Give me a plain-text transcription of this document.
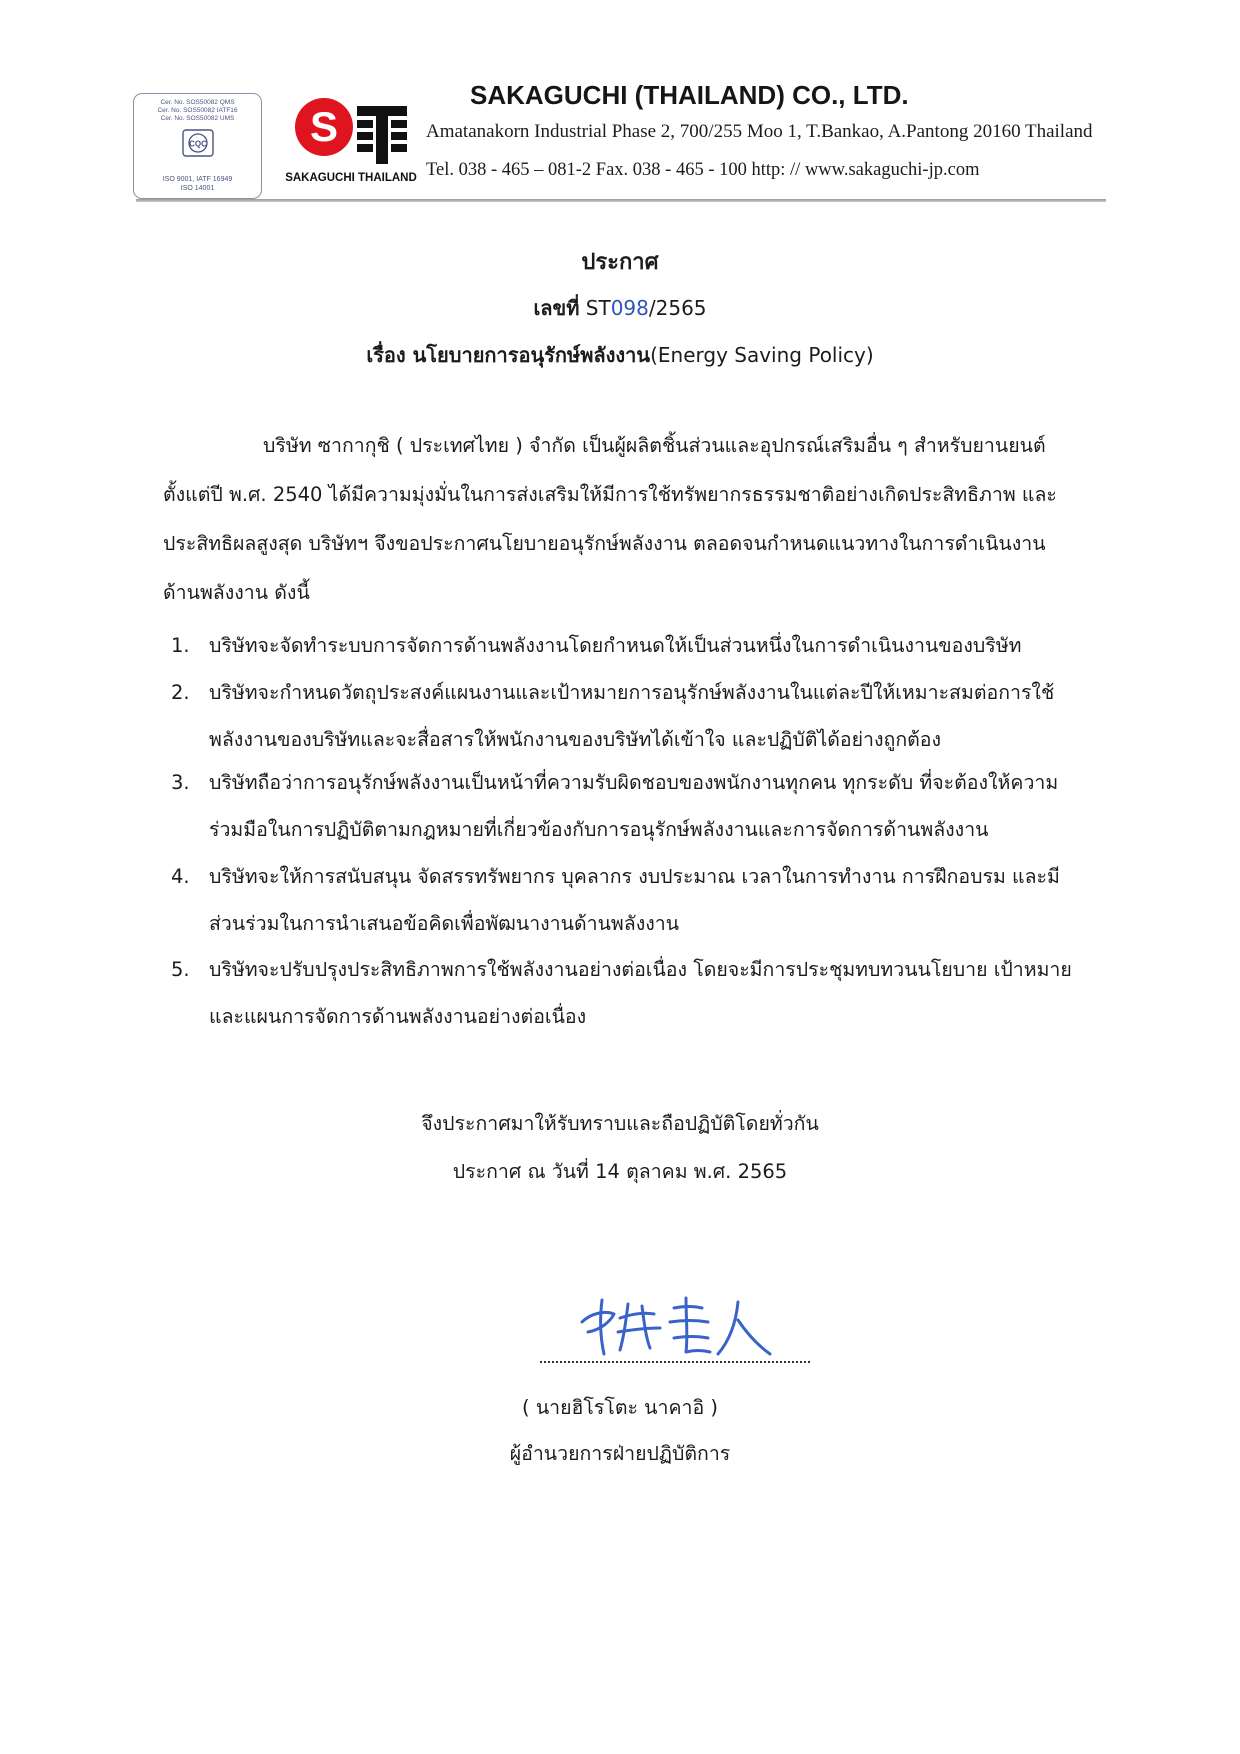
Cer. No. SOS50082 QMS
Cer. No. SOS50082 IATF16
Cer. No. SOS50082 UMS
CQC
ISO 9001, IATF 16949
ISO 14001
S
SAKAGUCHI THAILAND
SAKAGUCHI (THAILAND) CO., LTD.
Amatanakorn Industrial Phase 2, 700/255 Moo 1, T.Bankao, A.Pantong 20160 Thailand
Tel. 038 - 465 – 081-2 Fax. 038 - 465 - 100 http: // www.sakaguchi-jp.com
ประกาศ
เลขที่ ST098/2565
เรื่อง นโยบายการอนุรักษ์พลังงาน(Energy Saving Policy)
บริษัท ซากากุชิ ( ประเทศไทย ) จำกัด เป็นผู้ผลิตชิ้นส่วนและอุปกรณ์เสริมอื่น ๆ สำหรับยานยนต์
ตั้งแต่ปี พ.ศ. 2540 ได้มีความมุ่งมั่นในการส่งเสริมให้มีการใช้ทรัพยากรธรรมชาติอย่างเกิดประสิทธิภาพ และ
ประสิทธิผลสูงสุด บริษัทฯ จึงขอประกาศนโยบายอนุรักษ์พลังงาน ตลอดจนกำหนดแนวทางในการดำเนินงาน
ด้านพลังงาน ดังนี้
1. บริษัทจะจัดทำระบบการจัดการด้านพลังงานโดยกำหนดให้เป็นส่วนหนึ่งในการดำเนินงานของบริษัท
2. บริษัทจะกำหนดวัตถุประสงค์แผนงานและเป้าหมายการอนุรักษ์พลังงานในแต่ละปีให้เหมาะสมต่อการใช้
พลังงานของบริษัทและจะสื่อสารให้พนักงานของบริษัทได้เข้าใจ และปฏิบัติได้อย่างถูกต้อง
3. บริษัทถือว่าการอนุรักษ์พลังงานเป็นหน้าที่ความรับผิดชอบของพนักงานทุกคน ทุกระดับ ที่จะต้องให้ความ
ร่วมมือในการปฏิบัติตามกฎหมายที่เกี่ยวข้องกับการอนุรักษ์พลังงานและการจัดการด้านพลังงาน
4. บริษัทจะให้การสนับสนุน จัดสรรทรัพยากร บุคลากร งบประมาณ เวลาในการทำงาน การฝึกอบรม และมี
ส่วนร่วมในการนำเสนอข้อคิดเพื่อพัฒนางานด้านพลังงาน
5. บริษัทจะปรับปรุงประสิทธิภาพการใช้พลังงานอย่างต่อเนื่อง โดยจะมีการประชุมทบทวนนโยบาย เป้าหมาย
และแผนการจัดการด้านพลังงานอย่างต่อเนื่อง
จึงประกาศมาให้รับทราบและถือปฏิบัติโดยทั่วกัน
ประกาศ ณ วันที่ 14 ตุลาคม พ.ศ. 2565
( นายฮิโรโตะ นาคาอิ )
ผู้อำนวยการฝ่ายปฏิบัติการ
